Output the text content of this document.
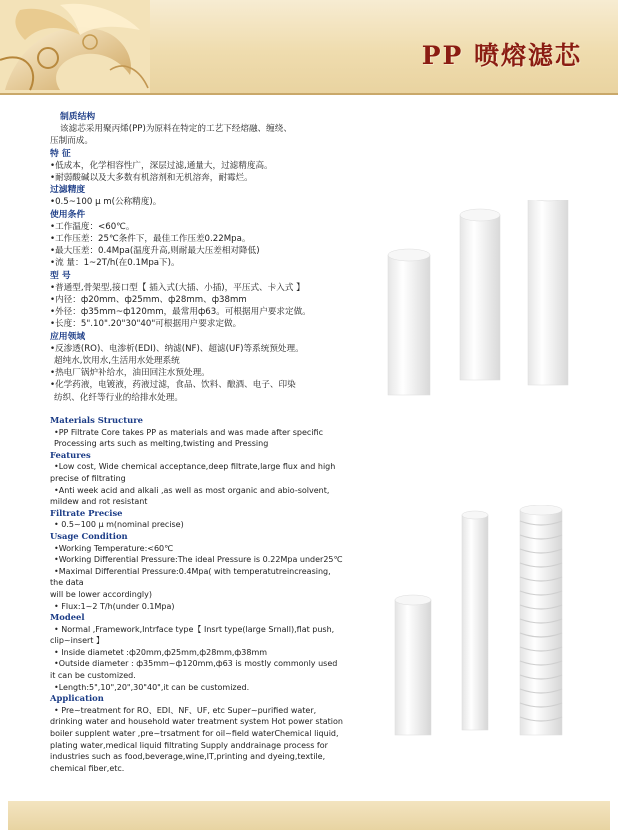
PP 喷熔滤芯
制质结构

该滤芯采用聚丙烯(PP)为原料在特定的工艺下经熔融、缠绕、

压制而成。

特 征

•低成本，化学相容性广，深层过滤,通量大，过滤精度高。

•耐弱酸碱以及大多数有机溶剂和无机溶奔，耐霉烂。

过滤精度

•0.5~100 μ m(公称精度)。

使用条件

•工作温度：<60℃。

•工作压差：25℃条件下，最佳工作压差0.22Mpa。

•最大压差：0.4Mpa(温度升高,则耐最大压差相对降低)

•流 量：1~2T/h(在0.1Mpa下)。

型 号

•普通型,骨架型,接口型【 插入式(大插、小插)，平压式、卡入式 】

•内径：ф20mm、ф25mm、ф28mm、ф38mm

•外径：ф35mm~ф120mm，最常用ф63。可根据用户要求定做。

•长度：5".10".20"30"40"可根据用户要求定做。

应用领域

•反渗透(RO)、电渗析(EDI)、纳滤(NF)、超滤(UF)等系统预处理。

超纯水,饮用水,生活用水处理系统

•热电厂锅炉补给水，油田回注水预处理。

•化学药液，电镀液，药液过滤，食品、饮料、酿酒、电子、印染

纺织、化纤等行业的给排水处理。

Materials Structure

•PP Filtrate Core takes PP as materials and was made after specific

Processing arts such as melting,twisting and Pressing

Features

•Low cost, Wide chemical acceptance,deep filtrate,large flux and high

precise of filtrating

•Anti week acid and alkali ,as well as most organic and abio-solvent,

mildew and rot resistant

Filtrate Precise

• 0.5~100 μ m(nominal precise)

Usage Condition

•Working Temperature:<60℃

•Working Differential Pressure:The ideal Pressure is 0.22Mpa under25℃

•Maximal Differential Pressure:0.4Mpa( with temperatutreincreasing,

the data

will be lower accordingly)

• Flux:1~2 T/h(under 0.1Mpa)

Modeel

• Normal ,Framework,Intrface type【 Insrt type(large Srnall),flat push,

clip~insert 】

• Inside diametet :ф20mm,ф25mm,ф28mm,ф38mm

•Outside diameter : ф35mm~ф120mm,ф63 is mostly commonly used

it can be customized.

•Length:5",10",20",30"40",it can be customized.

Application

• Pre~treatment for RO、EDI、NF、UF, etc Super~purified water,

drinking water and household water treatment system Hot power station

boiler supplent water ,pre~trsatment for oil~field waterChemical liquid,

plating water,medical liquid filtrating Supply anddrainage process for

industries such as food,beverage,wine,IT,printing and dyeing,textile,

chemical fiber,etc.
